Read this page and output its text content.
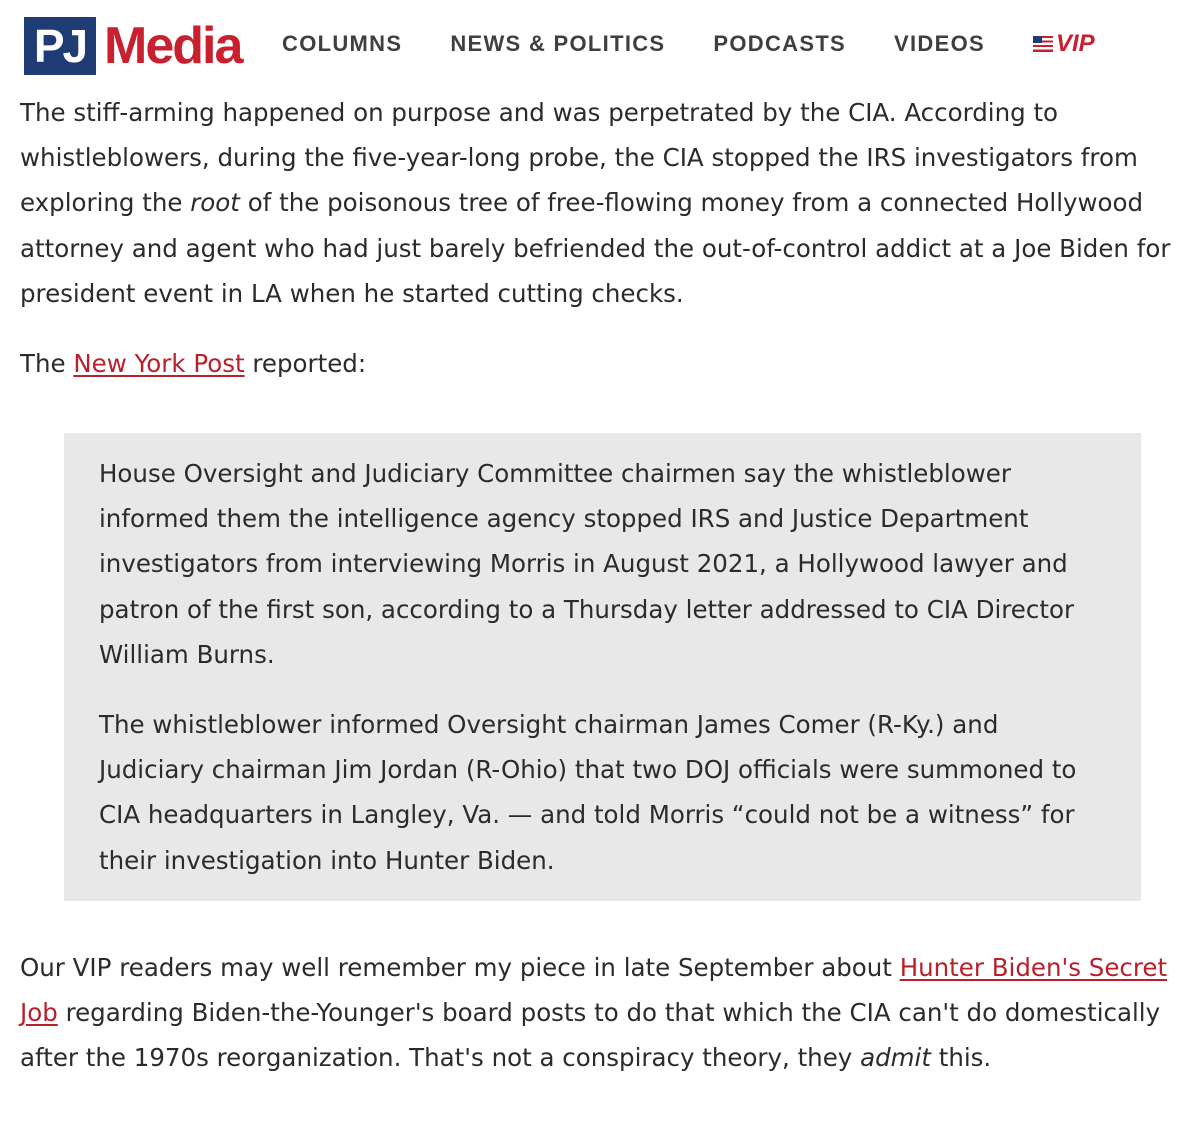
PJ Media COLUMNS NEWS & POLITICS PODCASTS VIDEOS	VIP

The stiff-arming happened on purpose and was perpetrated by the CIA. According to whistleblowers, during the five-year-long probe, the CIA stopped the IRS investigators from exploring the root of the poisonous tree of free-flowing money from a connected Hollywood attorney and agent who had just barely befriended the out-of-control addict at a Joe Biden for president event in LA when he started cutting checks.

The New York Post reported:

House Oversight and Judiciary Committee chairmen say the whistleblower informed them the intelligence agency stopped IRS and Justice Department investigators from interviewing Morris in August 2021, a Hollywood lawyer and patron of the first son, according to a Thursday letter addressed to CIA Director William Burns.

The whistleblower informed Oversight chairman James Comer (R-Ky.) and Judiciary chairman Jim Jordan (R-Ohio) that two DOJ officials were summoned to CIA headquarters in Langley, Va. — and told Morris “could not be a witness” for their investigation into Hunter Biden.

Our VIP readers may well remember my piece in late September about Hunter Biden's Secret Job regarding Biden-the-Younger's board posts to do that which the CIA can't do domestically after the 1970s reorganization. That's not a conspiracy theory, they admit this.
